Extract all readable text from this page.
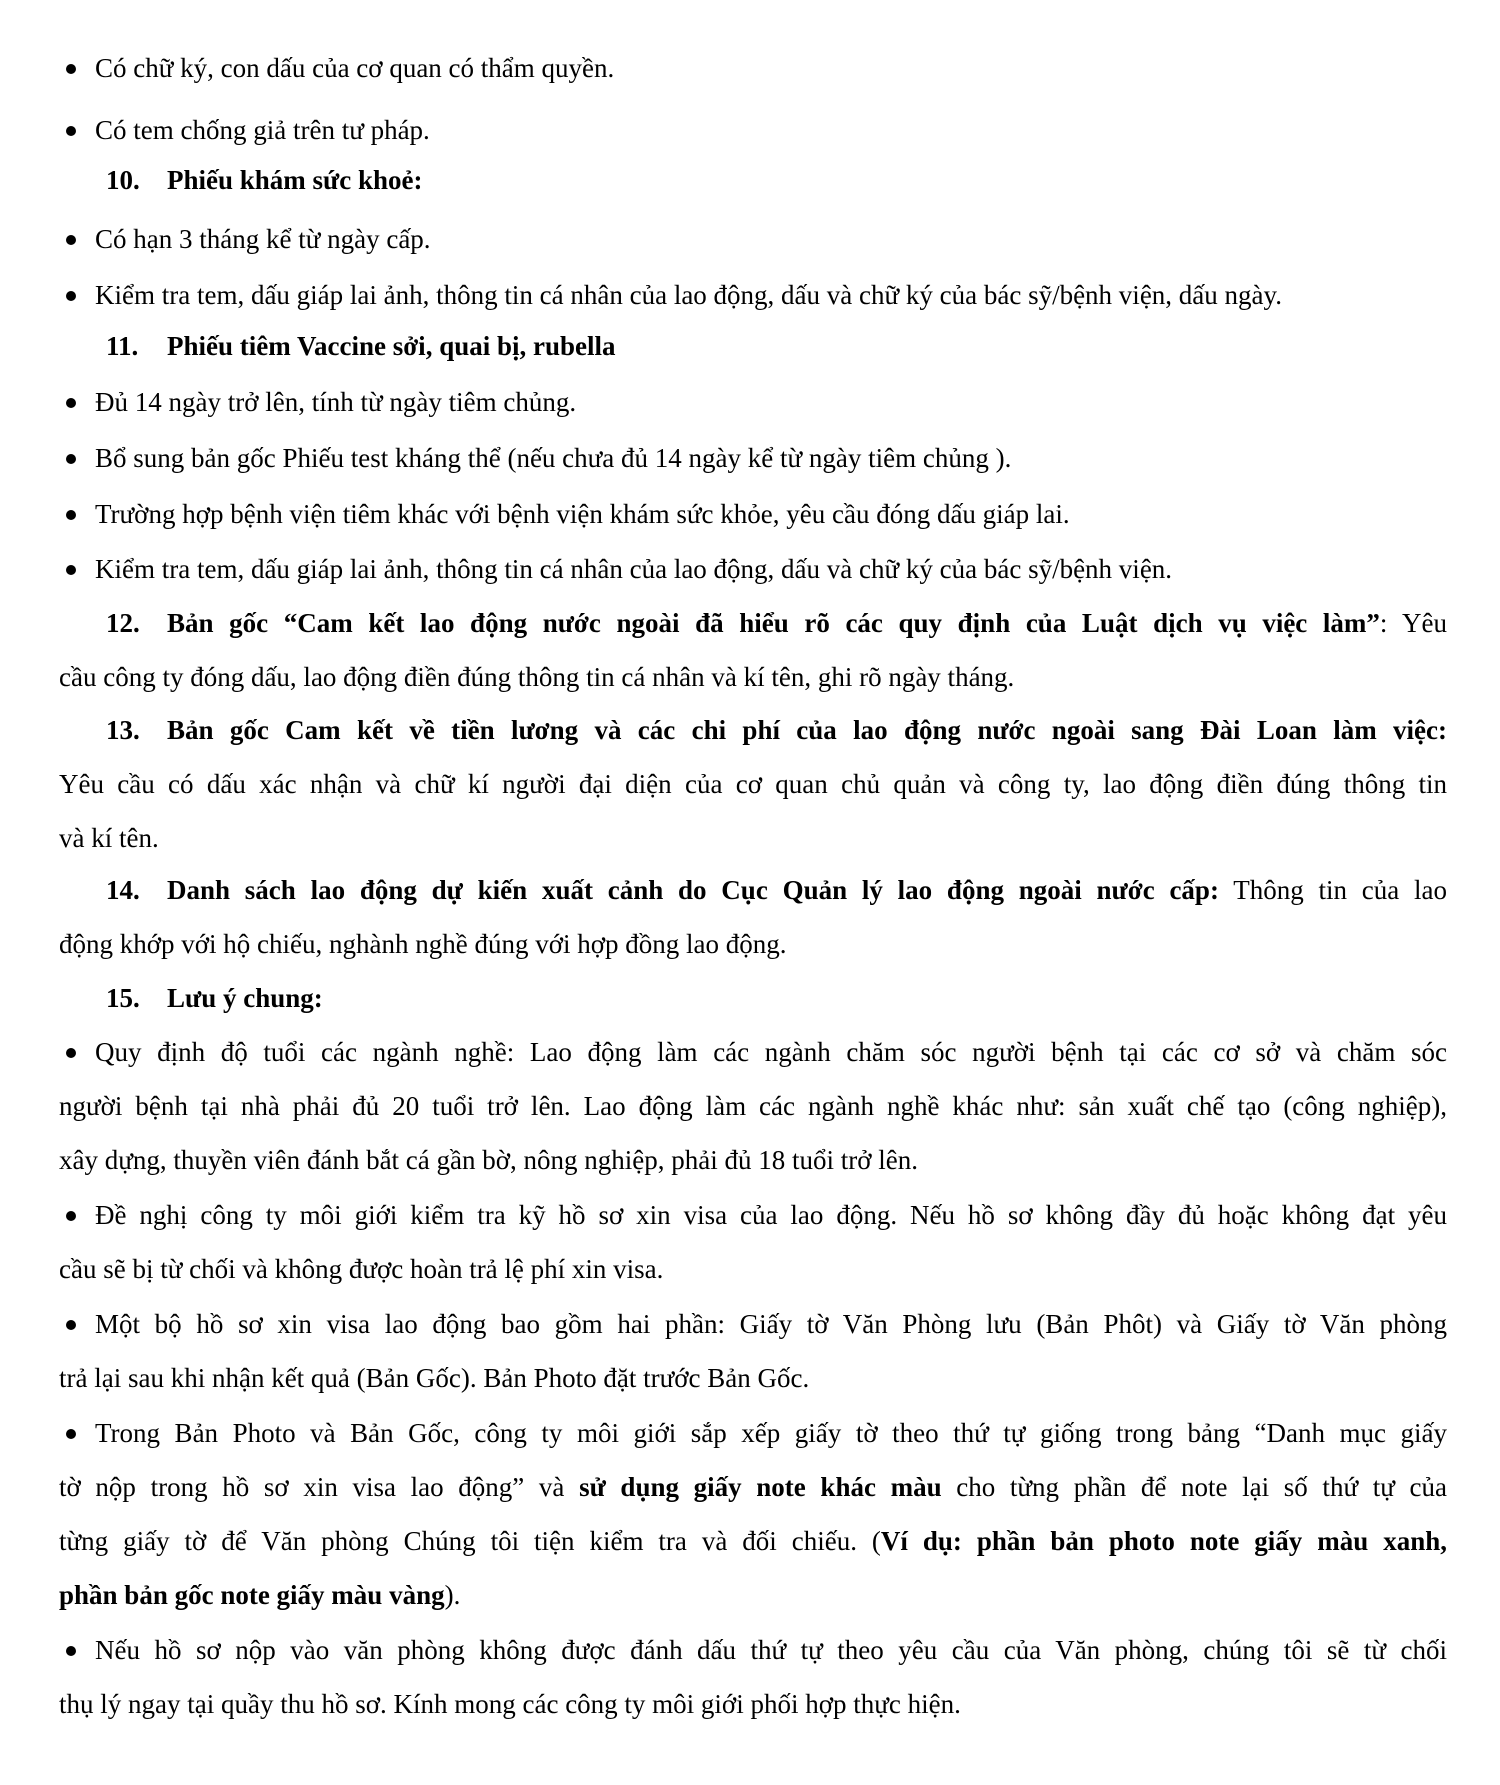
Có chữ ký, con dấu của cơ quan có thẩm quyền.
Có tem chống giả trên tư pháp.
10. Phiếu khám sức khoẻ:
Có hạn 3 tháng kể từ ngày cấp.
Kiểm tra tem, dấu giáp lai ảnh, thông tin cá nhân của lao động, dấu và chữ ký của bác sỹ/bệnh viện, dấu ngày.
11. Phiếu tiêm Vaccine sởi, quai bị, rubella
Đủ 14 ngày trở lên, tính từ ngày tiêm chủng.
Bổ sung bản gốc Phiếu test kháng thể (nếu chưa đủ 14 ngày kể từ ngày tiêm chủng ).
Trường hợp bệnh viện tiêm khác với bệnh viện khám sức khỏe, yêu cầu đóng dấu giáp lai.
Kiểm tra tem, dấu giáp lai ảnh, thông tin cá nhân của lao động, dấu và chữ ký của bác sỹ/bệnh viện.
12. Bản gốc “Cam kết lao động nước ngoài đã hiểu rõ các quy định của Luật dịch vụ việc làm”: Yêu
cầu công ty đóng dấu, lao động điền đúng thông tin cá nhân và kí tên, ghi rõ ngày tháng.
13. Bản gốc Cam kết về tiền lương và các chi phí của lao động nước ngoài sang Đài Loan làm việc:
Yêu cầu có dấu xác nhận và chữ kí người đại diện của cơ quan chủ quản và công ty, lao động điền đúng thông tin
và kí tên.
14. Danh sách lao động dự kiến xuất cảnh do Cục Quản lý lao động ngoài nước cấp: Thông tin của lao
động khớp với hộ chiếu, nghành nghề đúng với hợp đồng lao động.
15. Lưu ý chung:
Quy định độ tuổi các ngành nghề: Lao động làm các ngành chăm sóc người bệnh tại các cơ sở và chăm sóc
người bệnh tại nhà phải đủ 20 tuổi trở lên. Lao động làm các ngành nghề khác như: sản xuất chế tạo (công nghiệp),
xây dựng, thuyền viên đánh bắt cá gần bờ, nông nghiệp, phải đủ 18 tuổi trở lên.
Đề nghị công ty môi giới kiểm tra kỹ hồ sơ xin visa của lao động. Nếu hồ sơ không đầy đủ hoặc không đạt yêu
cầu sẽ bị từ chối và không được hoàn trả lệ phí xin visa.
Một bộ hồ sơ xin visa lao động bao gồm hai phần: Giấy tờ Văn Phòng lưu (Bản Phôt) và Giấy tờ Văn phòng
trả lại sau khi nhận kết quả (Bản Gốc). Bản Photo đặt trước Bản Gốc.
Trong Bản Photo và Bản Gốc, công ty môi giới sắp xếp giấy tờ theo thứ tự giống trong bảng “Danh mục giấy
tờ nộp trong hồ sơ xin visa lao động” và sử dụng giấy note khác màu cho từng phần để note lại số thứ tự của
từng giấy tờ để Văn phòng Chúng tôi tiện kiểm tra và đối chiếu. (Ví dụ: phần bản photo note giấy màu xanh,
phần bản gốc note giấy màu vàng).
Nếu hồ sơ nộp vào văn phòng không được đánh dấu thứ tự theo yêu cầu của Văn phòng, chúng tôi sẽ từ chối
thụ lý ngay tại quầy thu hồ sơ. Kính mong các công ty môi giới phối hợp thực hiện.
